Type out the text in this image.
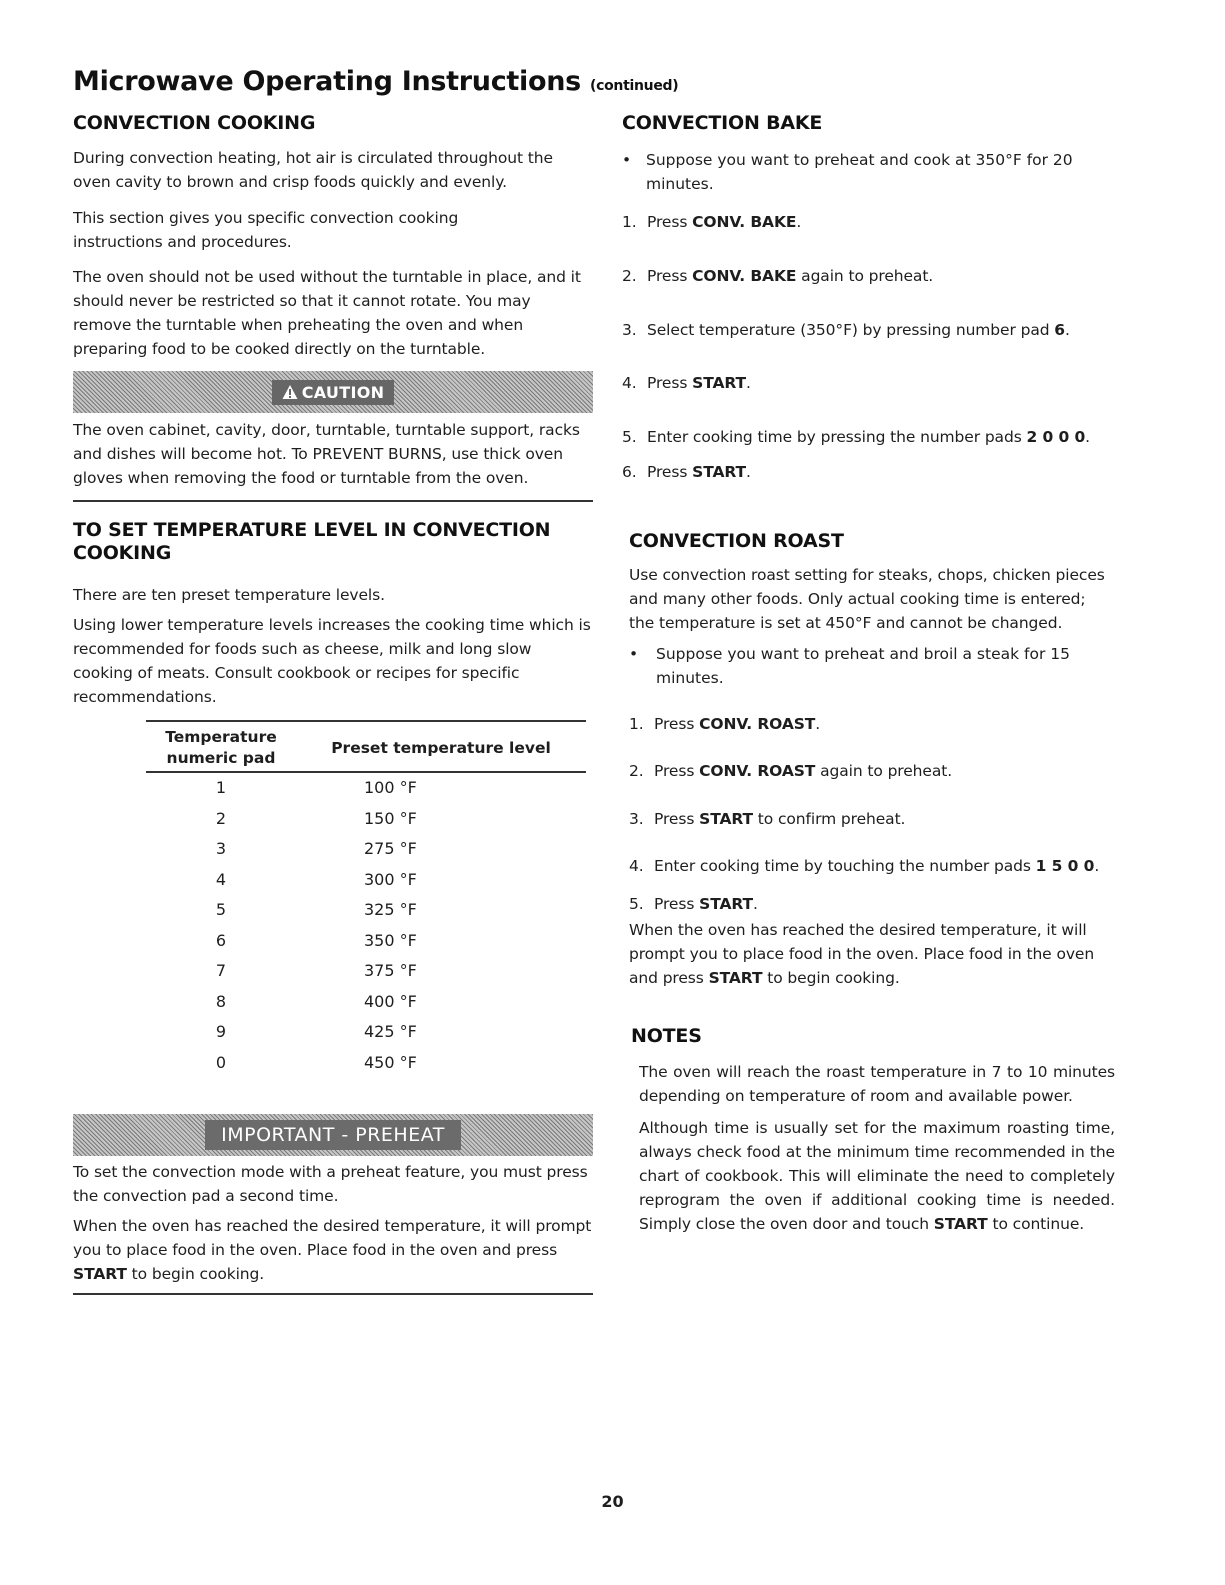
Microwave Operating Instructions (continued)
CONVECTION COOKING

During convection heating, hot air is circulated throughout the oven cavity to brown and crisp foods quickly and evenly.

This section gives you specific convection cooking instructions and procedures.

The oven should not be used without the turntable in place, and it should never be restricted so that it cannot rotate. You may remove the turntable when preheating the oven and when preparing food to be cooked directly on the turntable.

CAUTION

The oven cabinet, cavity, door, turntable, turntable support, racks and dishes will become hot. To PREVENT BURNS, use thick oven gloves when removing the food or turntable from the oven.

TO SET TEMPERATURE LEVEL IN CONVECTION COOKING

There are ten preset temperature levels.

Using lower temperature levels increases the cooking time which is recommended for foods such as cheese, milk and long slow cooking of meats. Consult cookbook or recipes for specific recommendations.

Temperature numeric pad	Preset temperature level
1	100 °F
2	150 °F
3	275 °F
4	300 °F
5	325 °F
6	350 °F
7	375 °F
8	400 °F
9	425 °F
0	450 °F
IMPORTANT - PREHEAT

To set the convection mode with a preheat feature, you must press the convection pad a second time.

When the oven has reached the desired temperature, it will prompt you to place food in the oven. Place food in the oven and press START to begin cooking.

CONVECTION BAKE
• Suppose you want to preheat and cook at 350°F for 20 minutes.
1. Press CONV. BAKE.
2. Press CONV. BAKE again to preheat.
3. Select temperature (350°F) by pressing number pad 6.
4. Press START.
5. Enter cooking time by pressing the number pads 2 0 0 0.
6. Press START.
CONVECTION ROAST

Use convection roast setting for steaks, chops, chicken pieces and many other foods. Only actual cooking time is entered; the temperature is set at 450°F and cannot be changed.

•	Suppose you want to preheat and broil a steak for 15 minutes.
1. Press CONV. ROAST.
2. Press CONV. ROAST again to preheat.
3. Press START to confirm preheat.
4. Enter cooking time by touching the number pads 1 5 0 0.
5. Press START.

When the oven has reached the desired temperature, it will prompt you to place food in the oven. Place food in the oven and press START to begin cooking.

NOTES

The oven will reach the roast temperature in 7 to 10 minutes depending on temperature of room and available power.

Although time is usually set for the maximum roasting time, always check food at the minimum time recommended in the chart of cookbook. This will eliminate the need to completely reprogram the oven if additional cooking time is needed. Simply close the oven door and touch START to continue.

20
